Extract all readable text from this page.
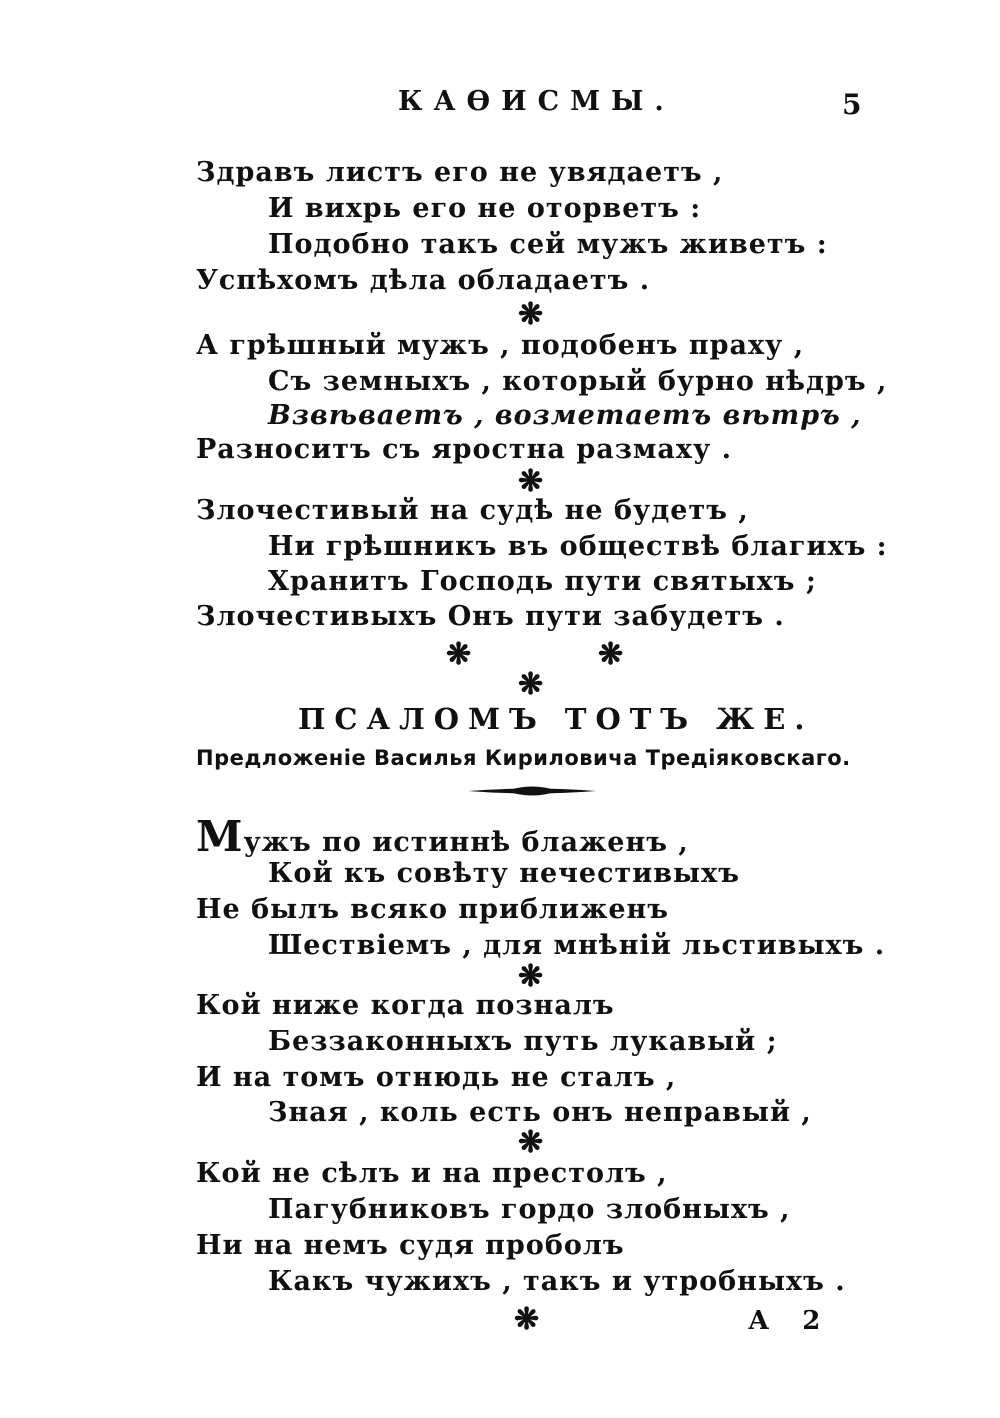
КАѲИСМЫ.	5
Здравъ листъ его не увядаетъ ,
И вихрь его не оторветъ :
Подобно такъ сей мужъ живетъ :
Успѣхомъ дѣла обладаетъ .
❋
А грѣшный мужъ , подобенъ праху ,
Съ земныхъ , который бурно нѣдръ ,
Взвѣваетъ , возметаетъ вѣтръ ,
Разноситъ съ яростна размаху .
❋
Злочестивый на судѣ не будетъ ,
Ни грѣшникъ въ обществѣ благихъ :
Хранитъ Господь пути святыхъ ;
Злочестивыхъ Онъ пути забудетъ .
❋	❋
❋
ПСАЛОМЪ ТОТЪ ЖЕ.
Предложеніе Василья Кириловича Тредіяковскаго.
Мужъ по истиннѣ блаженъ ,
Кой къ совѣту нечестивыхъ
Не былъ всяко приближенъ
Шествіемъ , для мнѣній льстивыхъ .
❋
Кой ниже когда позналъ
Беззаконныхъ путь лукавый ;
И на томъ отнюдь не сталъ ,
Зная , коль есть онъ неправый ,
❋
Кой не сѣлъ и на престолъ ,
Пагубниковъ гордо злобныхъ ,
Ни на немъ судя проболъ
Какъ чужихъ , такъ и утробныхъ .
❋	А 2
